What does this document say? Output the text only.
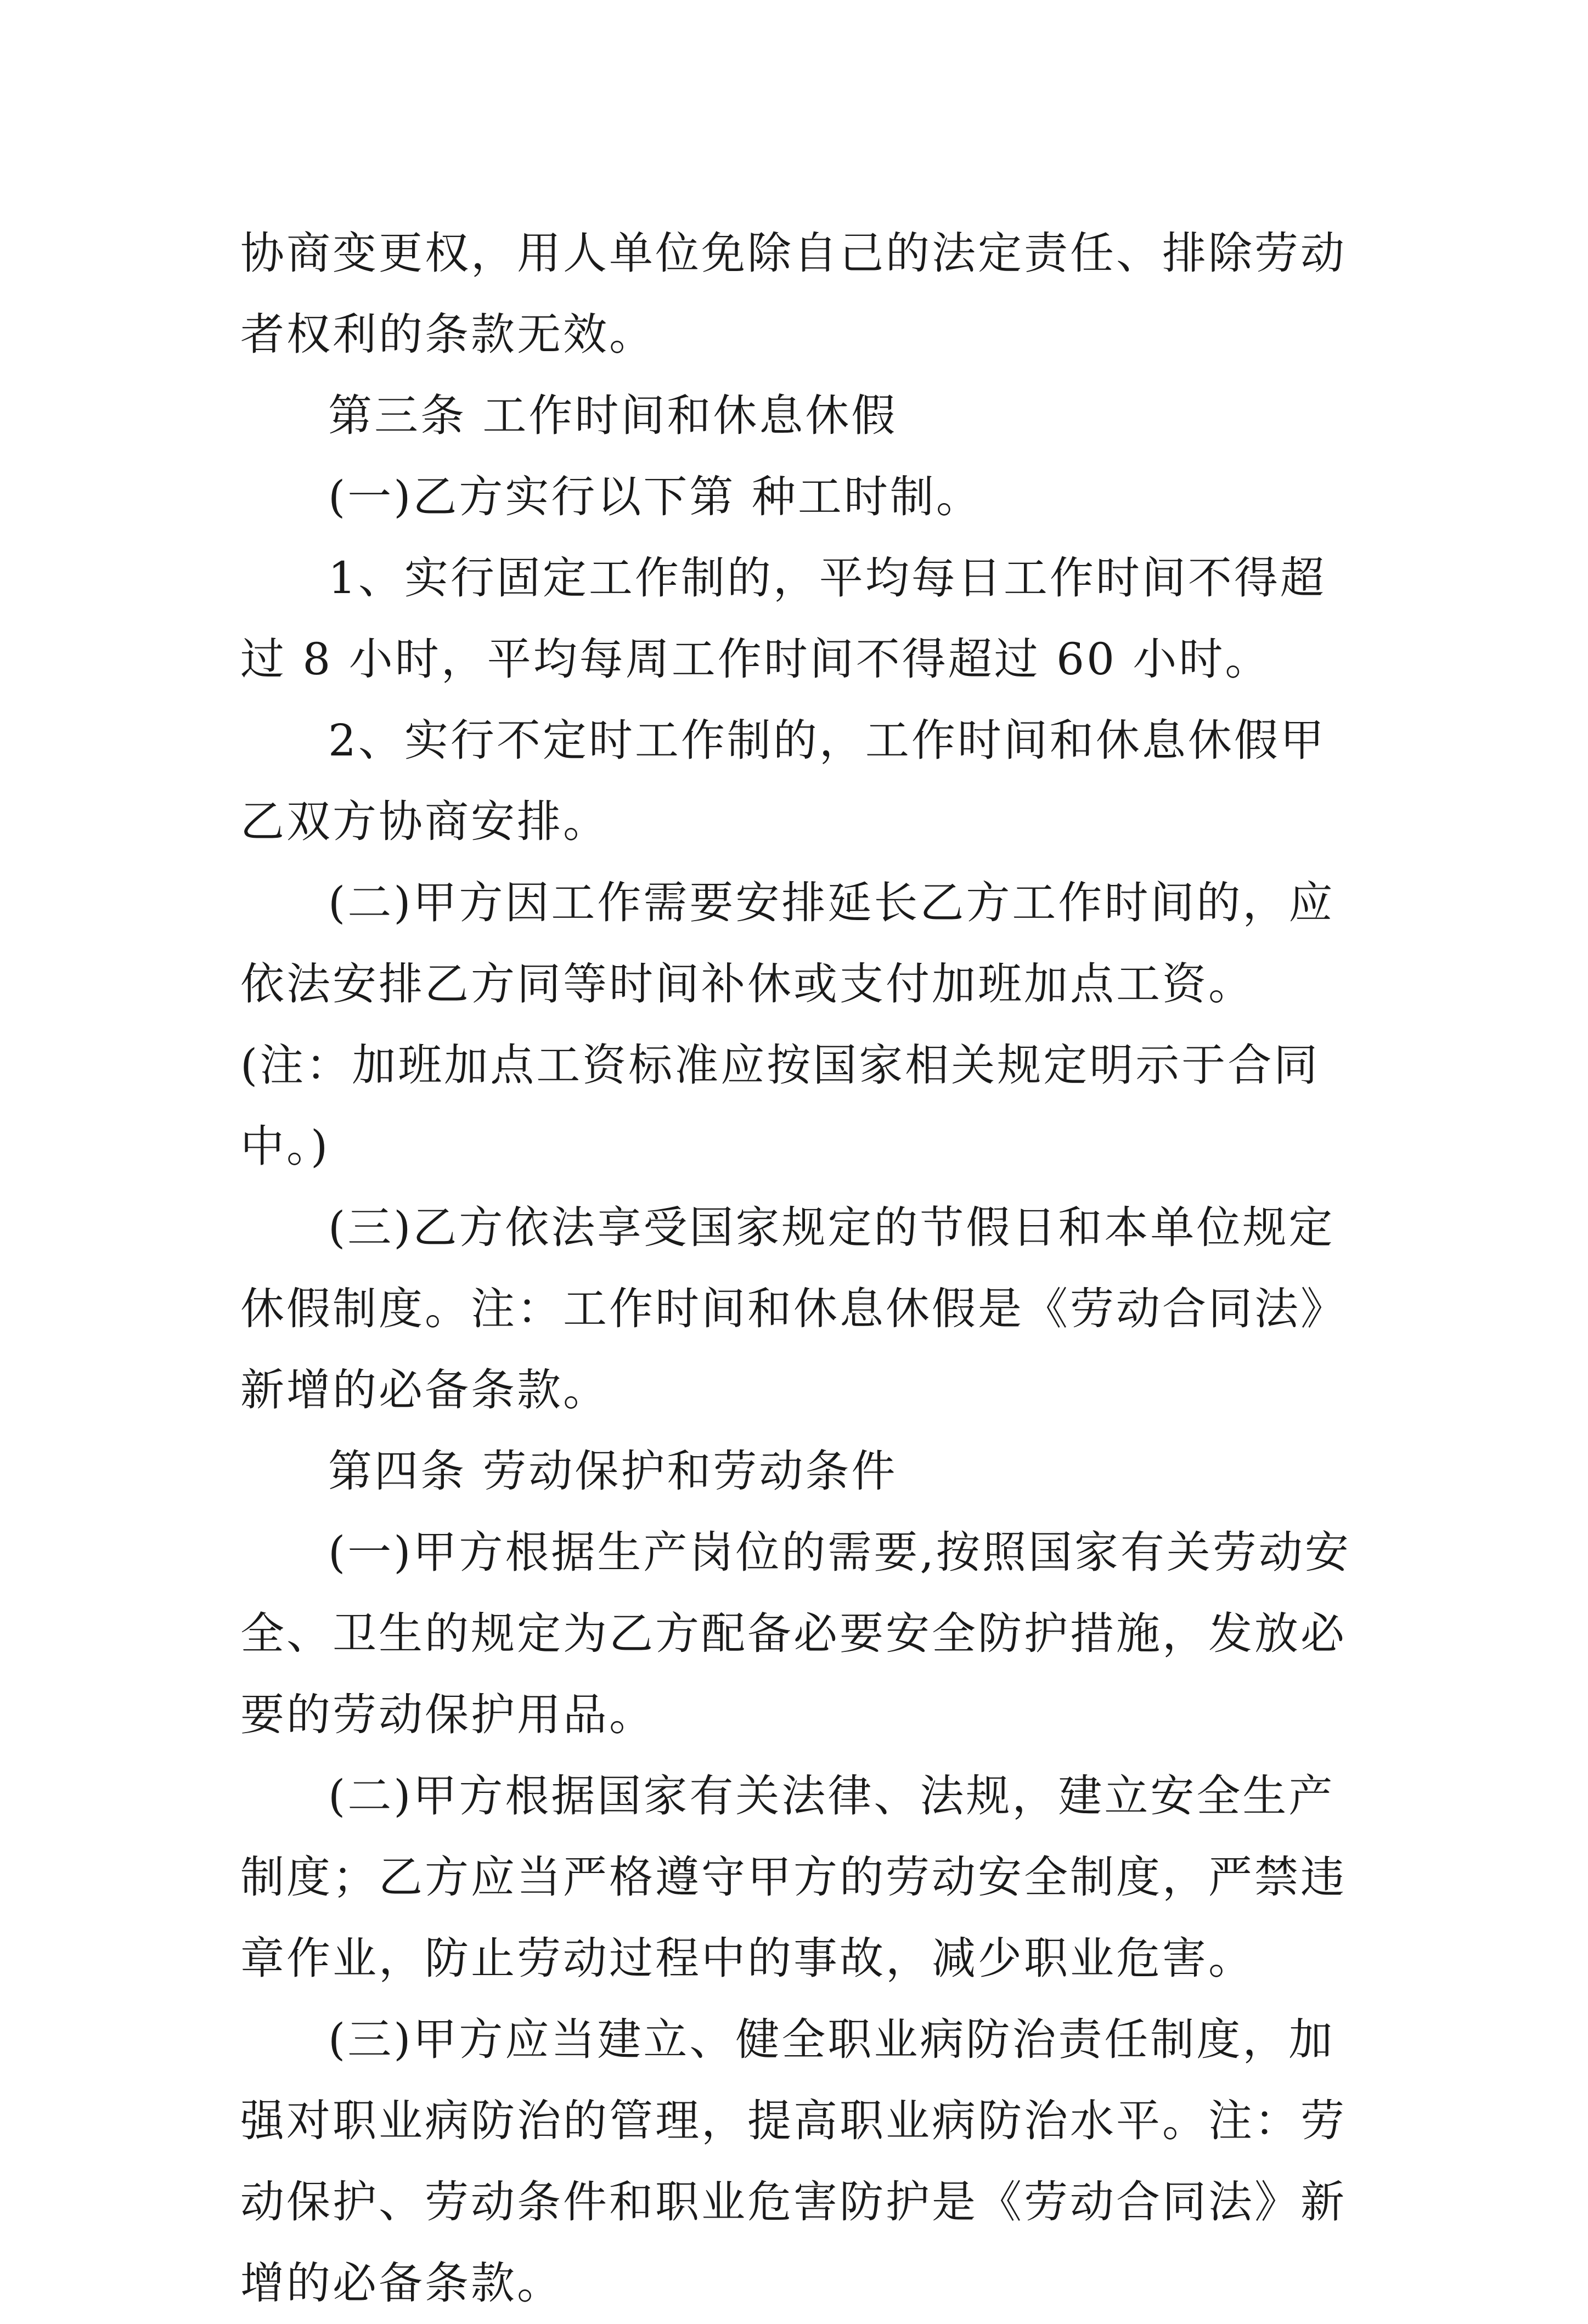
协商变更权，用人单位免除自己的法定责任、排除劳动者权利的条款无效。

第三条 工作时间和休息休假

(一)乙方实行以下第 种工时制。

1、实行固定工作制的，平均每日工作时间不得超过 8 小时，平均每周工作时间不得超过 60 小时。

2、实行不定时工作制的，工作时间和休息休假甲乙双方协商安排。

(二)甲方因工作需要安排延长乙方工作时间的，应依法安排乙方同等时间补休或支付加班加点工资。(注：加班加点工资标准应按国家相关规定明示于合同中。)

(三)乙方依法享受国家规定的节假日和本单位规定休假制度。注：工作时间和休息休假是《劳动合同法》新增的必备条款。

第四条 劳动保护和劳动条件

(一)甲方根据生产岗位的需要,按照国家有关劳动安全、卫生的规定为乙方配备必要安全防护措施，发放必要的劳动保护用品。

(二)甲方根据国家有关法律、法规，建立安全生产制度；乙方应当严格遵守甲方的劳动安全制度，严禁违章作业，防止劳动过程中的事故，减少职业危害。

(三)甲方应当建立、健全职业病防治责任制度，加强对职业病防治的管理，提高职业病防治水平。注：劳动保护、劳动条件和职业危害防护是《劳动合同法》新增的必备条款。
